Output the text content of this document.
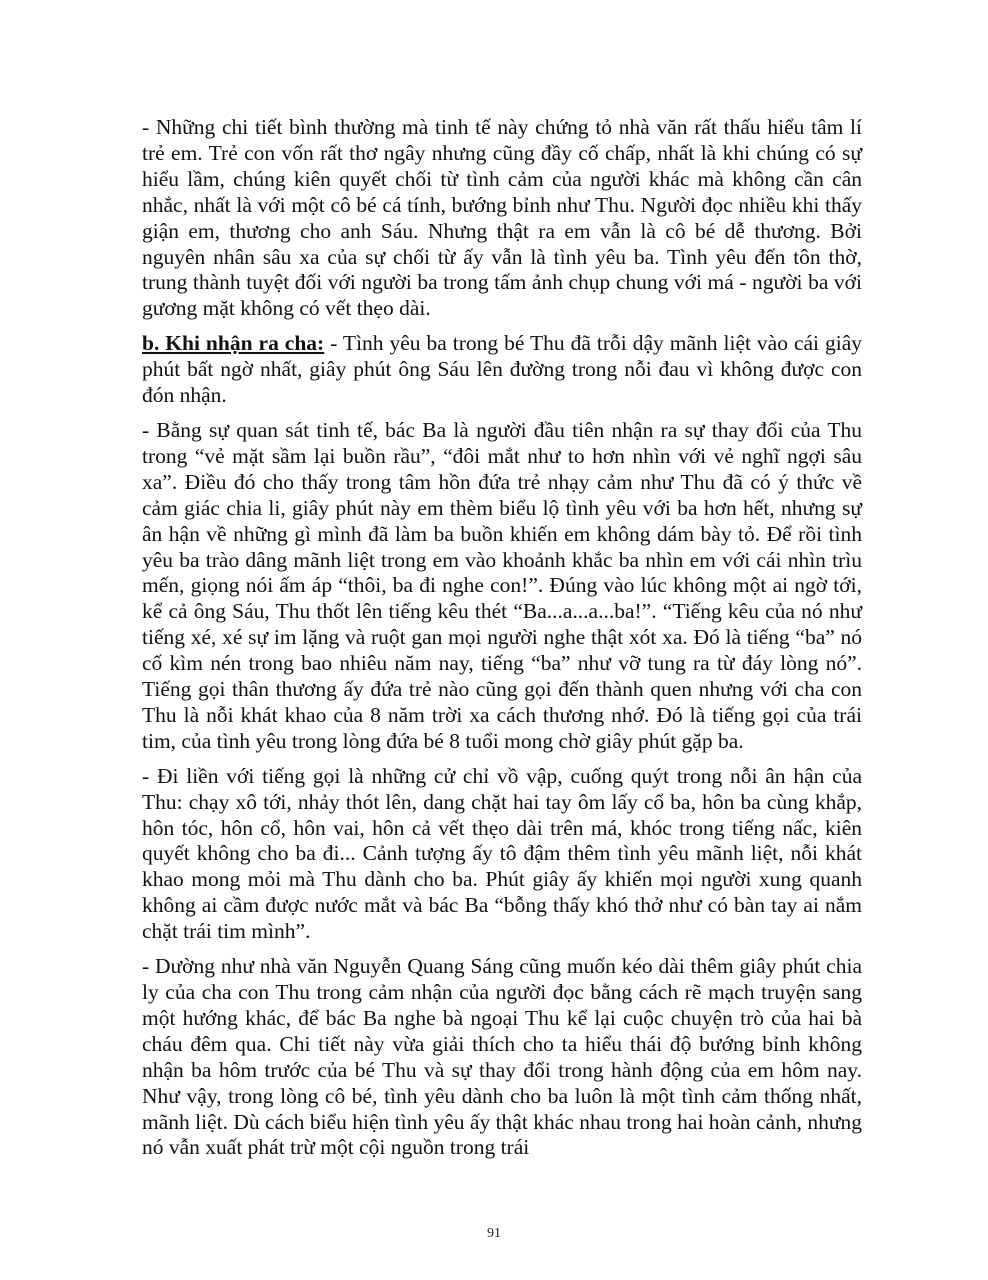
- Những chi tiết bình thường mà tinh tế này chứng tỏ nhà văn rất thấu hiểu tâm lí trẻ em. Trẻ con vốn rất thơ ngây nhưng cũng đầy cố chấp, nhất là khi chúng có sự hiểu lầm, chúng kiên quyết chối từ tình cảm của người khác mà không cần cân nhắc, nhất là với một cô bé cá tính, bướng bỉnh như Thu. Người đọc nhiều khi thấy giận em, thương cho anh Sáu. Nhưng thật ra em vẫn là cô bé dễ thương. Bởi nguyên nhân sâu xa của sự chối từ ấy vẫn là tình yêu ba. Tình yêu đến tôn thờ, trung thành tuyệt đối với người ba trong tấm ảnh chụp chung với má - người ba với gương mặt không có vết thẹo dài.

b. Khi nhận ra cha: - Tình yêu ba trong bé Thu đã trỗi dậy mãnh liệt vào cái giây phút bất ngờ nhất, giây phút ông Sáu lên đường trong nỗi đau vì không được con đón nhận.

- Bằng sự quan sát tinh tế, bác Ba là người đầu tiên nhận ra sự thay đổi của Thu trong “vẻ mặt sầm lại buồn rầu”, “đôi mắt như to hơn nhìn với vẻ nghĩ ngợi sâu xa”. Điều đó cho thấy trong tâm hồn đứa trẻ nhạy cảm như Thu đã có ý thức về cảm giác chia li, giây phút này em thèm biểu lộ tình yêu với ba hơn hết, nhưng sự ân hận về những gì mình đã làm ba buồn khiến em không dám bày tỏ. Để rồi tình yêu ba trào dâng mãnh liệt trong em vào khoảnh khắc ba nhìn em với cái nhìn trìu mến, giọng nói ấm áp “thôi, ba đi nghe con!”. Đúng vào lúc không một ai ngờ tới, kể cả ông Sáu, Thu thốt lên tiếng kêu thét “Ba...a...a...ba!”. “Tiếng kêu của nó như tiếng xé, xé sự im lặng và ruột gan mọi người nghe thật xót xa. Đó là tiếng “ba” nó cố kìm nén trong bao nhiêu năm nay, tiếng “ba” như vỡ tung ra từ đáy lòng nó”. Tiếng gọi thân thương ấy đứa trẻ nào cũng gọi đến thành quen nhưng với cha con Thu là nỗi khát khao của 8 năm trời xa cách thương nhớ. Đó là tiếng gọi của trái tim, của tình yêu trong lòng đứa bé 8 tuổi mong chờ giây phút gặp ba.

- Đi liền với tiếng gọi là những cử chỉ vồ vập, cuống quýt trong nỗi ân hận của Thu: chạy xô tới, nhảy thót lên, dang chặt hai tay ôm lấy cổ ba, hôn ba cùng khắp, hôn tóc, hôn cổ, hôn vai, hôn cả vết thẹo dài trên má, khóc trong tiếng nấc, kiên quyết không cho ba đi... Cảnh tượng ấy tô đậm thêm tình yêu mãnh liệt, nỗi khát khao mong mỏi mà Thu dành cho ba. Phút giây ấy khiến mọi người xung quanh không ai cầm được nước mắt và bác Ba “bỗng thấy khó thở như có bàn tay ai nắm chặt trái tim mình”.

- Dường như nhà văn Nguyễn Quang Sáng cũng muốn kéo dài thêm giây phút chia ly của cha con Thu trong cảm nhận của người đọc bằng cách rẽ mạch truyện sang một hướng khác, để bác Ba nghe bà ngoại Thu kể lại cuộc chuyện trò của hai bà cháu đêm qua. Chi tiết này vừa giải thích cho ta hiểu thái độ bướng bỉnh không nhận ba hôm trước của bé Thu và sự thay đổi trong hành động của em hôm nay. Như vậy, trong lòng cô bé, tình yêu dành cho ba luôn là một tình cảm thống nhất, mãnh liệt. Dù cách biểu hiện tình yêu ấy thật khác nhau trong hai hoàn cảnh, nhưng nó vẫn xuất phát trừ một cội nguồn trong trái

91
